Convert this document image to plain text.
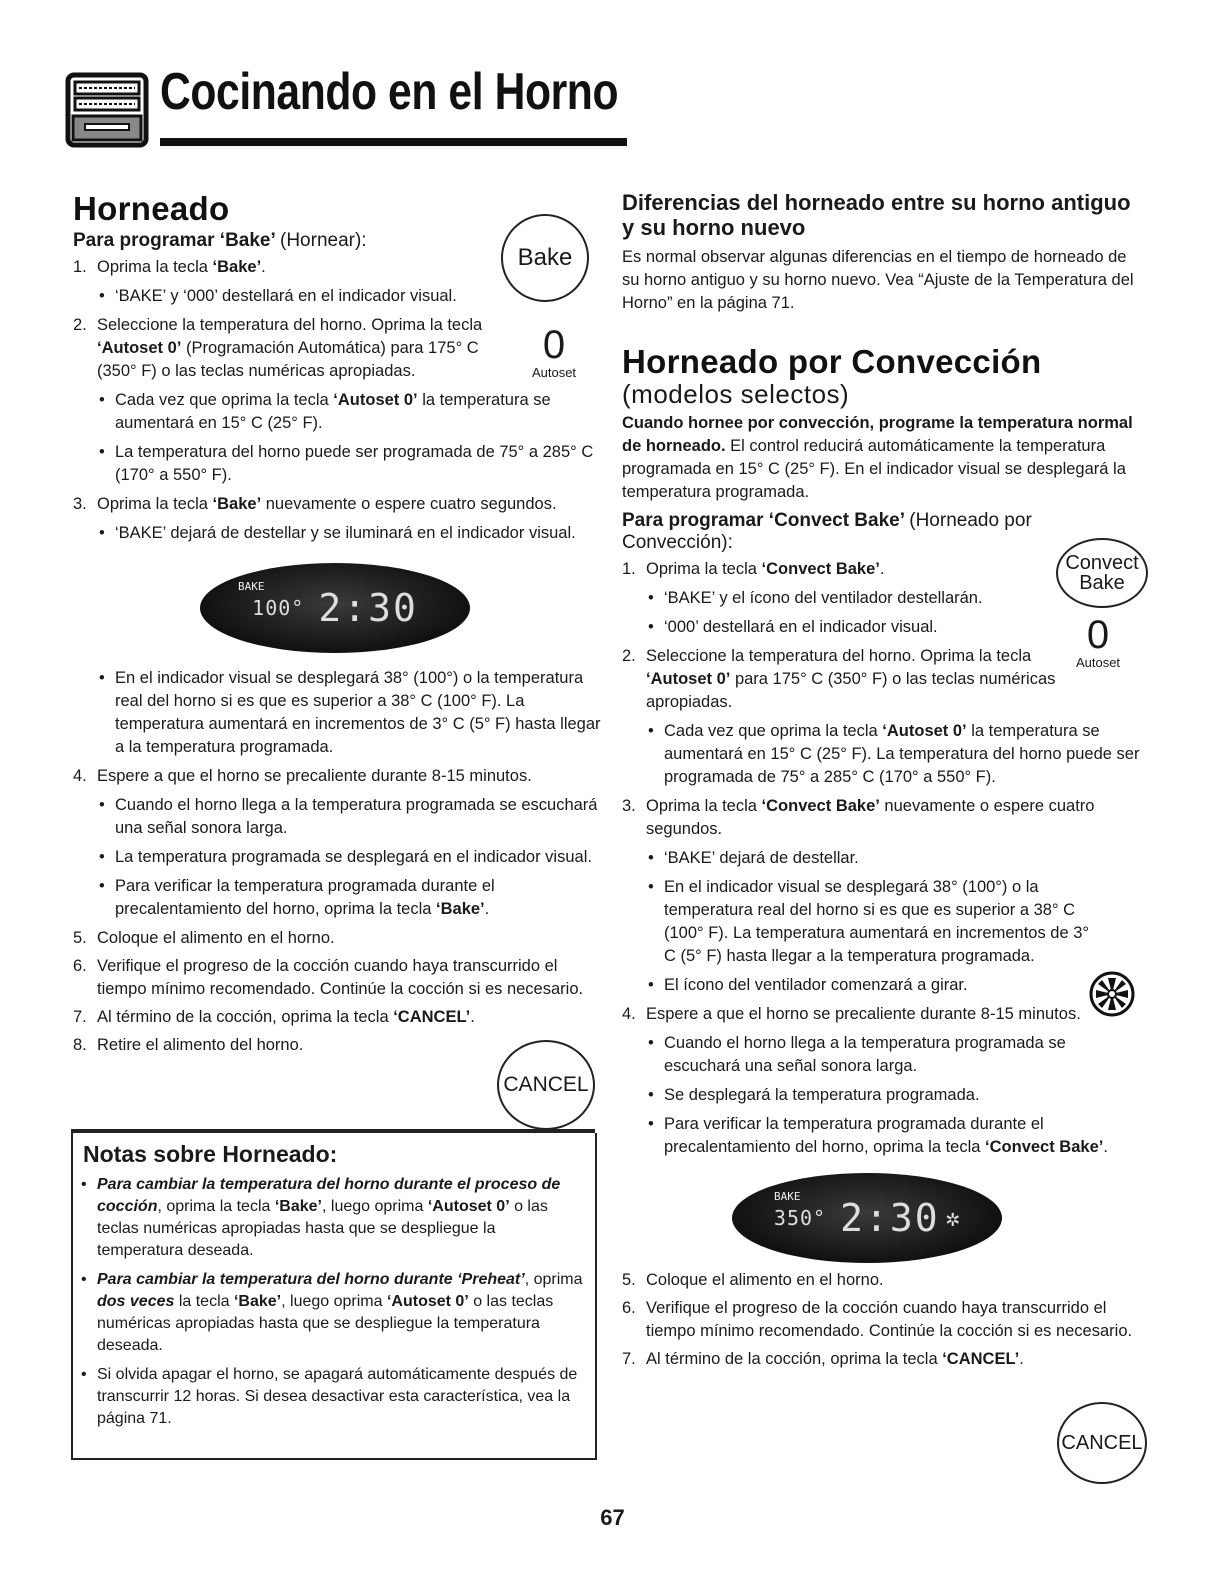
Cocinando en el Horno
Horneado
Para programar ‘Bake’ (Hornear):
1. Oprima la tecla ‘Bake’.
• ‘BAKE’ y ‘000’ destellará en el indicador visual.
2. Seleccione la temperatura del horno. Oprima la tecla ‘Autoset 0’ (Programación Automática) para 175° C (350° F) o las teclas numéricas apropiadas.
• Cada vez que oprima la tecla ‘Autoset 0’ la temperatura se aumentará en 15° C (25° F).
• La temperatura del horno puede ser programada de 75° a 285° C (170° a 550° F).
3. Oprima la tecla ‘Bake’ nuevamente o espere cuatro segundos.
• ‘BAKE’ dejará de destellar y se iluminará en el indicador visual.
BAKE
100° 2:30
• En el indicador visual se desplegará 38° (100°) o la temperatura real del horno si es que es superior a 38° C (100° F). La temperatura aumentará en incrementos de 3° C (5° F) hasta llegar a la temperatura programada.
4. Espere a que el horno se precaliente durante 8-15 minutos.
• Cuando el horno llega a la temperatura programada se escuchará una señal sonora larga.
• La temperatura programada se desplegará en el indicador visual.
• Para verificar la temperatura programada durante el precalentamiento del horno, oprima la tecla ‘Bake’.
5. Coloque el alimento en el horno.
6. Verifique el progreso de la cocción cuando haya transcurrido el tiempo mínimo recomendado. Continúe la cocción si es necesario.
7. Al término de la cocción, oprima la tecla ‘CANCEL’.
8. Retire el alimento del horno.
Bake
0
Autoset
CANCEL
Notas sobre Horneado:
• Para cambiar la temperatura del horno durante el proceso de cocción, oprima la tecla ‘Bake’, luego oprima ‘Autoset 0’ o las teclas numéricas apropiadas hasta que se despliegue la temperatura deseada.
• Para cambiar la temperatura del horno durante ‘Preheat’, oprima dos veces la tecla ‘Bake’, luego oprima ‘Autoset 0’ o las teclas numéricas apropiadas hasta que se despliegue la temperatura deseada.
• Si olvida apagar el horno, se apagará automáticamente después de transcurrir 12 horas. Si desea desactivar esta característica, vea la página 71.
Diferencias del horneado entre su horno antiguo y su horno nuevo

Es normal observar algunas diferencias en el tiempo de horneado de su horno antiguo y su horno nuevo. Vea “Ajuste de la Temperatura del Horno” en la página 71.

Horneado por Convección
(modelos selectos)

Cuando hornee por convección, programe la temperatura normal de horneado. El control reducirá automáticamente la temperatura programada en 15° C (25° F). En el indicador visual se desplegará la temperatura programada.

Para programar ‘Convect Bake’ (Horneado por Convección):
1. Oprima la tecla ‘Convect Bake’.
• ‘BAKE’ y el ícono del ventilador destellarán.
• ‘000’ destellará en el indicador visual.
2. Seleccione la temperatura del horno. Oprima la tecla ‘Autoset 0’ para 175° C (350° F) o las teclas numéricas apropiadas.
• Cada vez que oprima la tecla ‘Autoset 0’ la temperatura se aumentará en 15° C (25° F). La temperatura del horno puede ser programada de 75° a 285° C (170° a 550° F).
3. Oprima la tecla ‘Convect Bake’ nuevamente o espere cuatro segundos.
• ‘BAKE’ dejará de destellar.
• En el indicador visual se desplegará 38° (100°) o la temperatura real del horno si es que es superior a 38° C (100° F). La temperatura aumentará en incrementos de 3° C (5° F) hasta llegar a la temperatura programada.
• El ícono del ventilador comenzará a girar.
4. Espere a que el horno se precaliente durante 8-15 minutos.
• Cuando el horno llega a la temperatura programada se escuchará una señal sonora larga.
• Se desplegará la temperatura programada.
• Para verificar la temperatura programada durante el precalentamiento del horno, oprima la tecla ‘Convect Bake’.
BAKE
350° 2:30 ✲
5. Coloque el alimento en el horno.
6. Verifique el progreso de la cocción cuando haya transcurrido el tiempo mínimo recomendado. Continúe la cocción si es necesario.
7. Al término de la cocción, oprima la tecla ‘CANCEL’.
Convect
Bake
0
Autoset
CANCEL
67
